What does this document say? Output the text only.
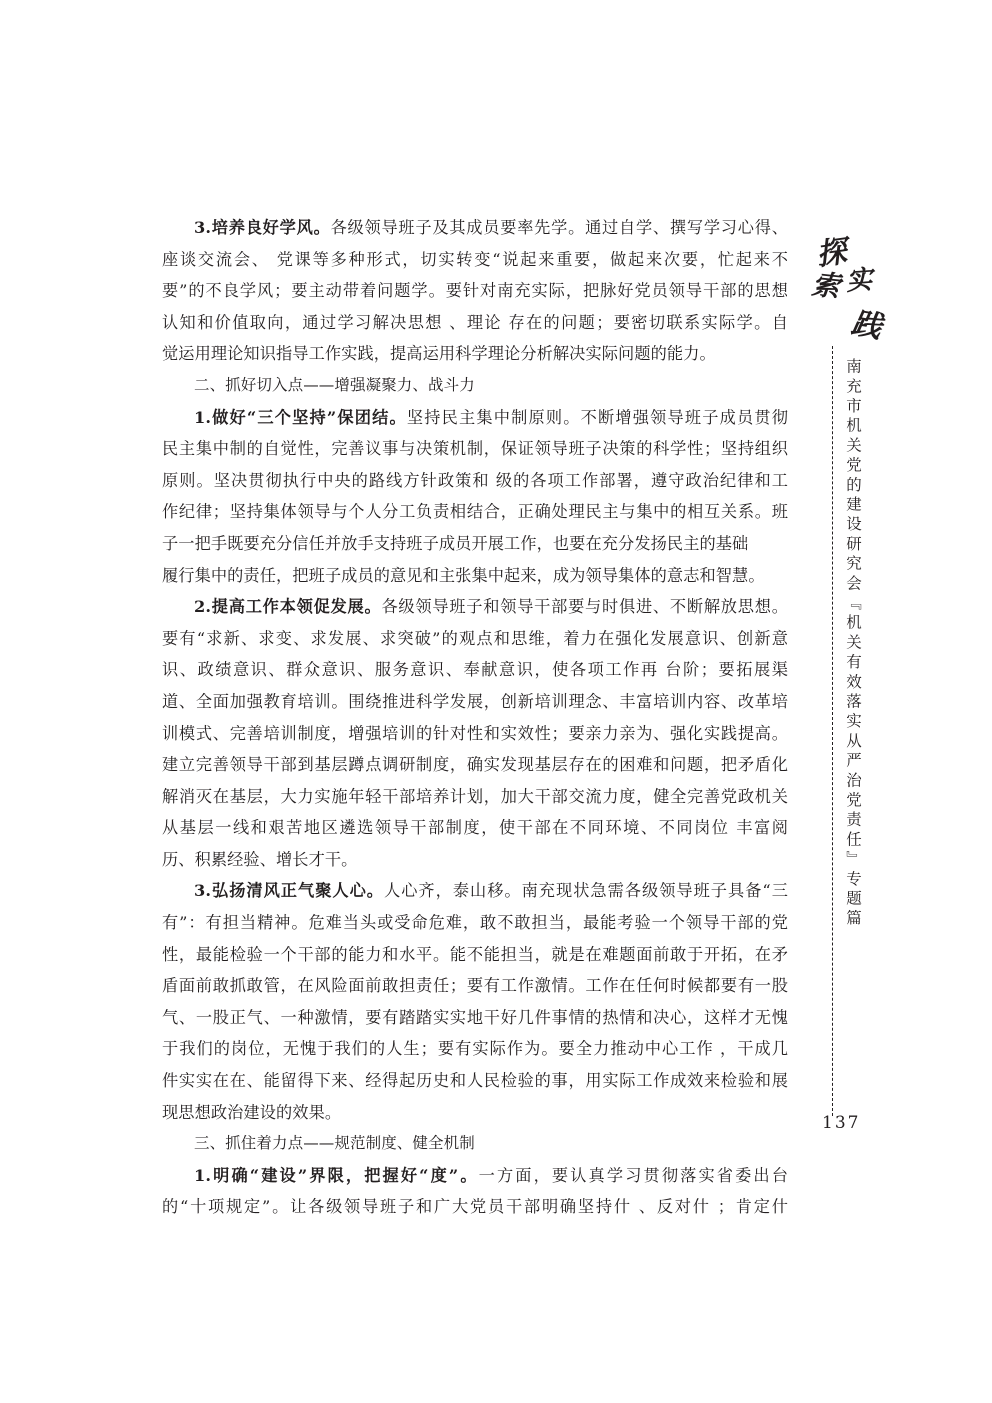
3.培养良好学风。各级领导班子及其成员要率先学。通过自学、撰写学习心得、
座谈交流会、 党课等多种形式，切实转变“说起来重要，做起来次要，忙起来不
要”的不良学风；要主动带着问题学。要针对南充实际，把脉好党员领导干部的思想
认知和价值取向，通过学习解决思想 、理论 存在的问题；要密切联系实际学。自
觉运用理论知识指导工作实践，提高运用科学理论分析解决实际问题的能力。
二、抓好切入点——增强凝聚力、战斗力
1.做好“三个坚持”保团结。坚持民主集中制原则。不断增强领导班子成员贯彻
民主集中制的自觉性，完善议事与决策机制，保证领导班子决策的科学性；坚持组织
原则。坚决贯彻执行中央的路线方针政策和 级的各项工作部署，遵守政治纪律和工
作纪律；坚持集体领导与个人分工负责相结合，正确处理民主与集中的相互关系。班
子一把手既要充分信任并放手支持班子成员开展工作，也要在充分发扬民主的基础
履行集中的责任，把班子成员的意见和主张集中起来，成为领导集体的意志和智慧。
2.提高工作本领促发展。各级领导班子和领导干部要与时俱进、不断解放思想。
要有“求新、求变、求发展、求突破”的观点和思维，着力在强化发展意识、创新意
识、政绩意识、群众意识、服务意识、奉献意识，使各项工作再 台阶；要拓展渠
道、全面加强教育培训。围绕推进科学发展，创新培训理念、丰富培训内容、改革培
训模式、完善培训制度，增强培训的针对性和实效性；要亲力亲为、强化实践提高。
建立完善领导干部到基层蹲点调研制度，确实发现基层存在的困难和问题，把矛盾化
解消灭在基层，大力实施年轻干部培养计划，加大干部交流力度，健全完善党政机关
从基层一线和艰苦地区遴选领导干部制度，使干部在不同环境、不同岗位 丰富阅
历、积累经验、增长才干。
3.弘扬清风正气聚人心。人心齐，泰山移。南充现状急需各级领导班子具备“三
有”：有担当精神。危难当头或受命危难，敢不敢担当，最能考验一个领导干部的党
性，最能检验一个干部的能力和水平。能不能担当，就是在难题面前敢于开拓，在矛
盾面前敢抓敢管，在风险面前敢担责任；要有工作激情。工作在任何时候都要有一股
气、一股正气、一种激情，要有踏踏实实地干好几件事情的热情和决心，这样才无愧
于我们的岗位，无愧于我们的人生；要有实际作为。要全力推动中心工作 ，干成几
件实实在在、能留得下来、经得起历史和人民检验的事，用实际工作成效来检验和展
现思想政治建设的效果。
三、抓住着力点——规范制度、健全机制
1.明确“建设”界限，把握好“度”。一方面，要认真学习贯彻落实省委出台
的“十项规定”。让各级领导班子和广大党员干部明确坚持什 、反对什 ；肯定什
探
索 实
践
南充市机关党的建设研究会『机关有效落实从严治党责任』专题篇
137
